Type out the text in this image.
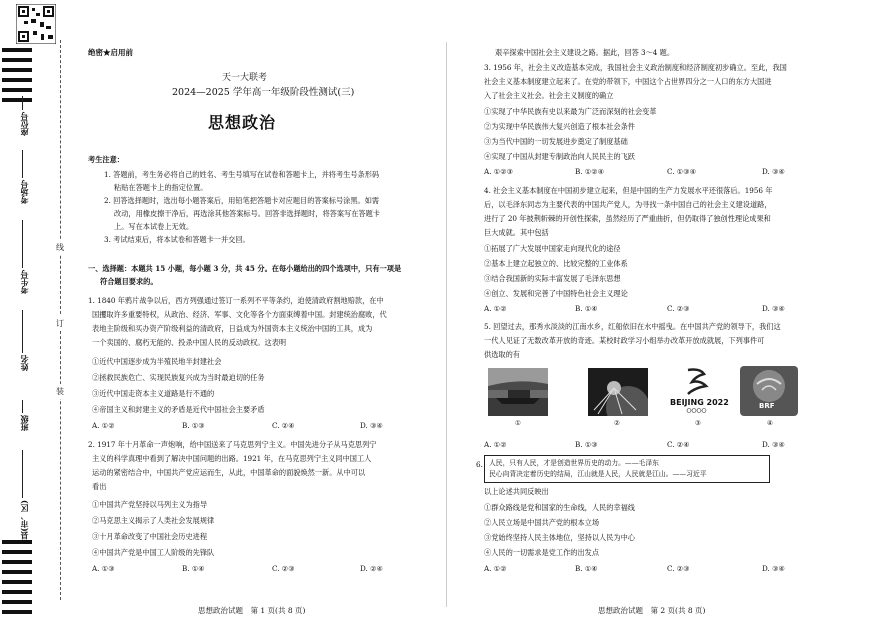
座位号
考场号
考生号
姓名
班级
县(市、区)
线
订
装
绝密★启用前
天一大联考
2024—2025 学年高一年级阶段性测试(三)
思想政治
考生注意：
1. 答题前，考生务必将自己的姓名、考生号填写在试卷和答题卡上，并将考生号条形码
粘贴在答题卡上的指定位置。
2. 回答选择题时，选出每小题答案后，用铅笔把答题卡对应题目的答案标号涂黑。如需
改动，用橡皮擦干净后，再选涂其他答案标号。回答非选择题时，将答案写在答题卡
上。写在本试卷上无效。
3. 考试结束后，将本试卷和答题卡一并交回。
一、选择题：本题共 15 小题，每小题 3 分，共 45 分。在每小题给出的四个选项中，只有一项是
符合题目要求的。
1. 1840 年鸦片战争以后，西方列强通过签订一系列不平等条约，迫使清政府割地赔款，在中
国攫取许多重要特权，从政治、经济、军事、文化等各个方面束缚着中国。封建统治腐败，代
表地主阶级和买办资产阶级利益的清政府，日益成为外国资本主义统治中国的工具，成为
一个卖国的、腐朽无能的、投杀中国人民的反动政权。这表明
①近代中国逐步成为半殖民地半封建社会
②拯救民族危亡、实现民族复兴成为当时最迫切的任务
③近代中国走资本主义道路是行不通的
④帝国主义和封建主义的矛盾是近代中国社会主要矛盾
A. ①②	B. ①③	C. ②④	D. ③④
2. 1917 年十月革命一声炮响，给中国送来了马克思列宁主义。中国先进分子从马克思列宁
主义的科学真理中看到了解决中国问题的出路。1921 年，在马克思列宁主义同中国工人
运动的紧密结合中，中国共产党应运而生，从此，中国革命的面貌焕然一新。从中可以
看出
①中国共产党坚持以马列主义为指导
②马克思主义揭示了人类社会发展规律
③十月革命改变了中国社会历史进程
④中国共产党是中国工人阶级的先锋队
A. ①③	B. ①④	C. ②③	D. ②④
思想政治试题　第 1 页(共 8 页)
艰辛探索中国社会主义建设之路。据此，回答 3～4 题。
3. 1956 年，社会主义改造基本完成，我国社会主义政治制度和经济制度初步确立。至此，我国
社会主义基本制度建立起来了。在党的带领下，中国这个占世界四分之一人口的东方大国进
入了社会主义社会。社会主义制度的确立
①实现了中华民族有史以来最为广泛而深刻的社会变革
②为实现中华民族伟大复兴创造了根本社会条件
③为当代中国的一切发展进步奠定了制度基础
④实现了中国从封建专制政治向人民民主的飞跃
A. ①②③	B. ①②④	C. ①③④	D. ③④
4. 社会主义基本制度在中国初步建立起来，但是中国的生产力发展水平还很落后。1956 年
后，以毛泽东同志为主要代表的中国共产党人，为寻找一条中国自己的社会主义建设道路，
进行了 20 年披荆斩棘的开创性探索，虽然经历了严重曲折，但仍取得了独创性理论成果和
巨大成就。其中包括
①拓展了广大发展中国家走向现代化的途径
②基本上建立起独立的、比较完整的工业体系
③结合我国新的实际丰富发展了毛泽东思想
④创立、发展和完善了中国特色社会主义理论
A. ①②	B. ①④	C. ②③	D. ③④
5. 回望过去，那秀水淡淡的江南水乡，红船依旧在水中摇曳。在中国共产党的领导下，我们这
一代人见证了无数改革开放的奇迹。某校时政学习小组举办改革开放成就展，下列事件可
供选取的有
①	②
BEIJING 2022
③
BRF
④
A. ①②	B. ①③	C. ②④	D. ③④
6. 人民，只有人民，才是创造世界历史的动力。——毛泽东
民心向背决定着历史的结局，江山就是人民，人民就是江山。——习近平
以上论述共同反映出
①群众路线是党和国家的生命线，人民的幸福线
②人民立场是中国共产党的根本立场
③党始终坚持人民主体地位，坚持以人民为中心
④人民的一切需求是党工作的出发点
A. ①②	B. ①④	C. ②③	D. ③④
思想政治试题　第 2 页(共 8 页)
